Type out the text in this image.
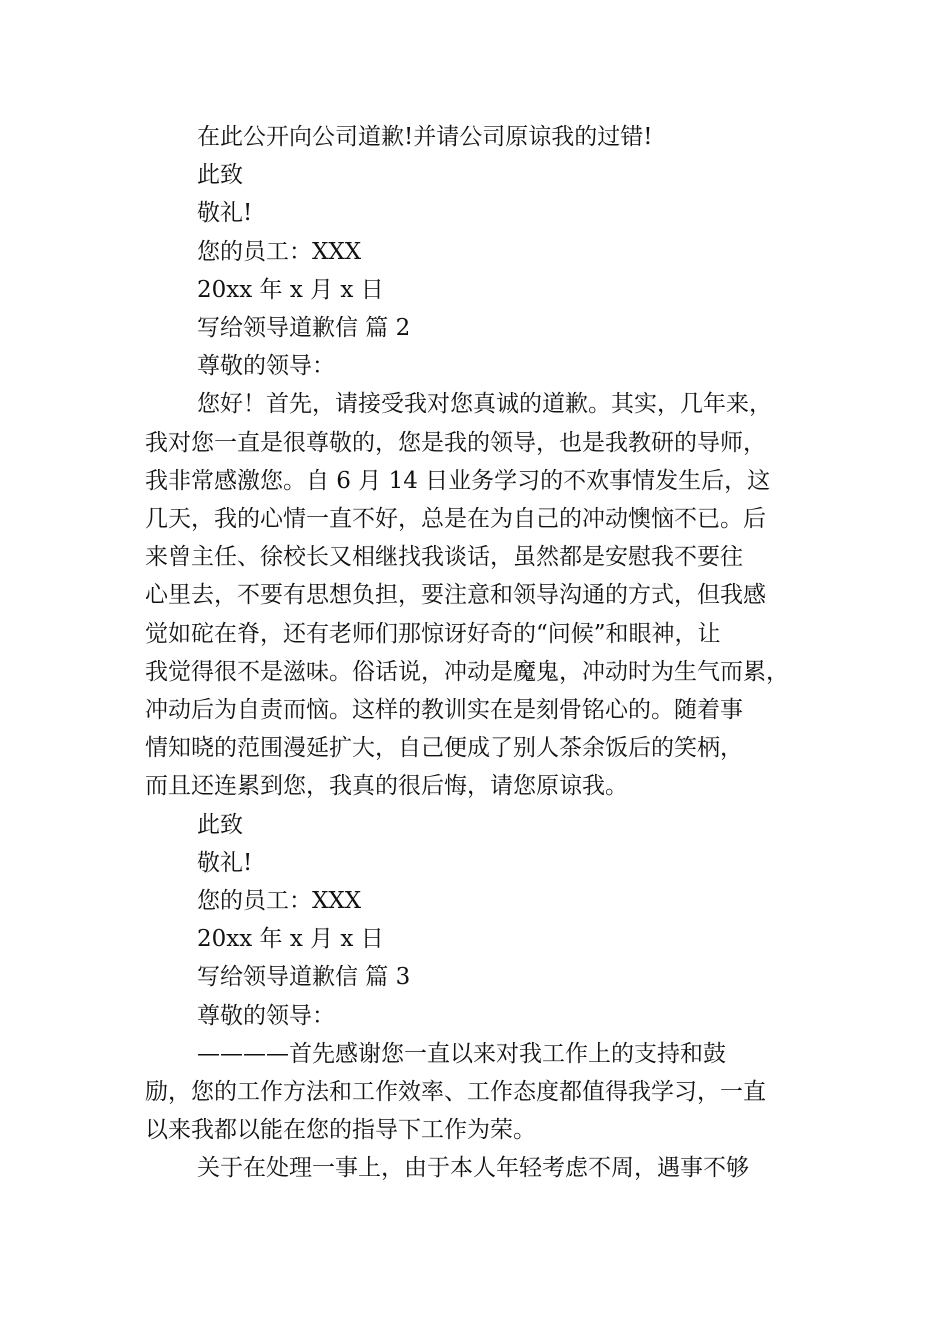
在此公开向公司道歉!并请公司原谅我的过错!
此致
敬礼!
您的员工：XXX
20xx 年 x 月 x 日
写给领导道歉信 篇 2
尊敬的领导：
您好！首先，请接受我对您真诚的道歉。其实，几年来，
我对您一直是很尊敬的，您是我的领导，也是我教研的导师，
我非常感激您。自 6 月 14 日业务学习的不欢事情发生后，这
几天，我的心情一直不好，总是在为自己的冲动懊恼不已。后
来曾主任、徐校长又相继找我谈话，虽然都是安慰我不要往
心里去，不要有思想负担，要注意和领导沟通的方式，但我感
觉如砣在脊，还有老师们那惊讶好奇的“问候”和眼神，让
我觉得很不是滋味。俗话说，冲动是魔鬼，冲动时为生气而累，
冲动后为自责而恼。这样的教训实在是刻骨铭心的。随着事
情知晓的范围漫延扩大，自己便成了别人茶余饭后的笑柄，
而且还连累到您，我真的很后悔，请您原谅我。
此致
敬礼!
您的员工：XXX
20xx 年 x 月 x 日
写给领导道歉信 篇 3
尊敬的领导：
————首先感谢您一直以来对我工作上的支持和鼓
励，您的工作方法和工作效率、工作态度都值得我学习，一直
以来我都以能在您的指导下工作为荣。
关于在处理一事上，由于本人年轻考虑不周，遇事不够
